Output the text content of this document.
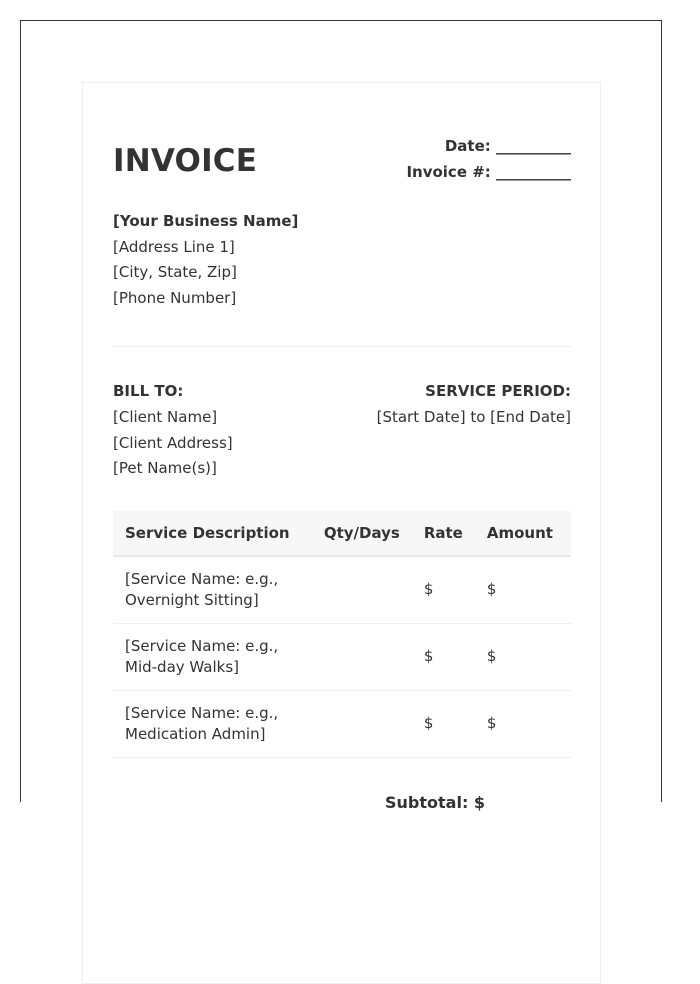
INVOICE	Date: __________
Invoice #: __________
[Your Business Name]
[Address Line 1]
[City, State, Zip]
[Phone Number]
BILL TO:
[Client Name]
[Client Address]
[Pet Name(s)]
SERVICE PERIOD:
[Start Date] to [End Date]
Service Description	Qty/Days	Rate	Amount
[Service Name: e.g., Overnight Sitting]		$	$
[Service Name: e.g., Mid-day Walks]		$	$
[Service Name: e.g., Medication Admin]		$	$
Subtotal: $
